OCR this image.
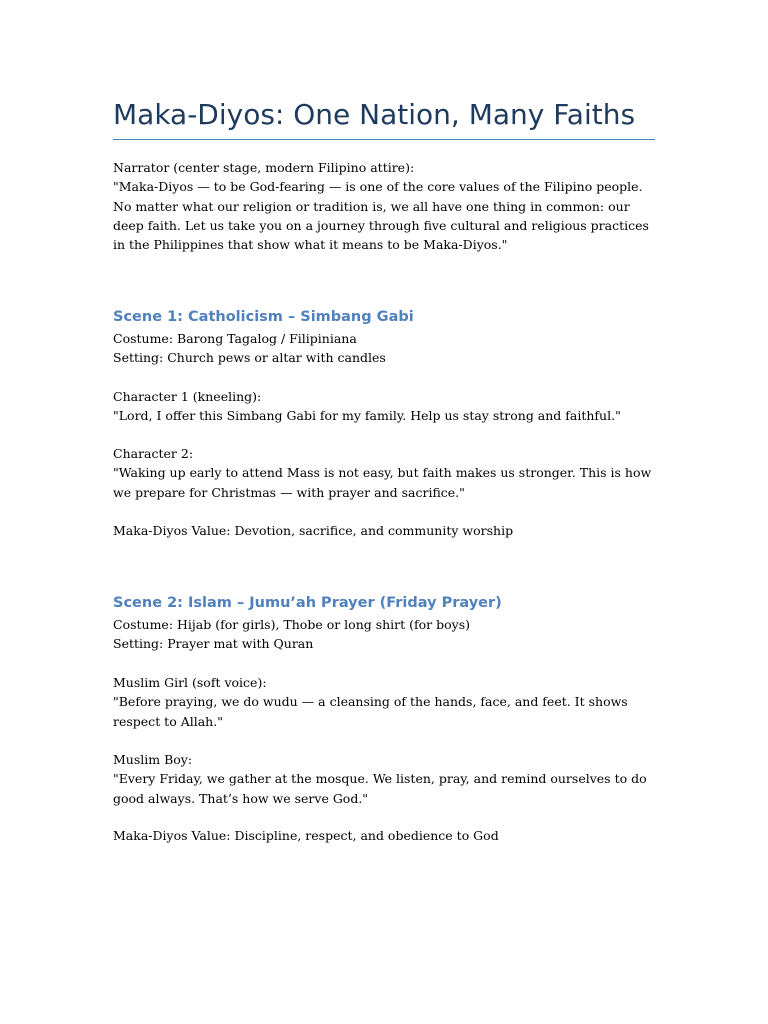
Maka-Diyos: One Nation, Many Faiths

Narrator (center stage, modern Filipino attire):

"Maka-Diyos — to be God-fearing — is one of the core values of the Filipino people. No matter what our religion or tradition is, we all have one thing in common: our deep faith. Let us take you on a journey through five cultural and religious practices in the Philippines that show what it means to be Maka-Diyos."

Scene 1: Catholicism – Simbang Gabi

Costume: Barong Tagalog / Filipiniana

Setting: Church pews or altar with candles

Character 1 (kneeling):

"Lord, I offer this Simbang Gabi for my family. Help us stay strong and faithful."

Character 2:

"Waking up early to attend Mass is not easy, but faith makes us stronger. This is how we prepare for Christmas — with prayer and sacrifice."

Maka-Diyos Value: Devotion, sacrifice, and community worship

Scene 2: Islam – Jumu’ah Prayer (Friday Prayer)

Costume: Hijab (for girls), Thobe or long shirt (for boys)

Setting: Prayer mat with Quran

Muslim Girl (soft voice):

"Before praying, we do wudu — a cleansing of the hands, face, and feet. It shows respect to Allah."

Muslim Boy:

"Every Friday, we gather at the mosque. We listen, pray, and remind ourselves to do good always. That’s how we serve God."

Maka-Diyos Value: Discipline, respect, and obedience to God
